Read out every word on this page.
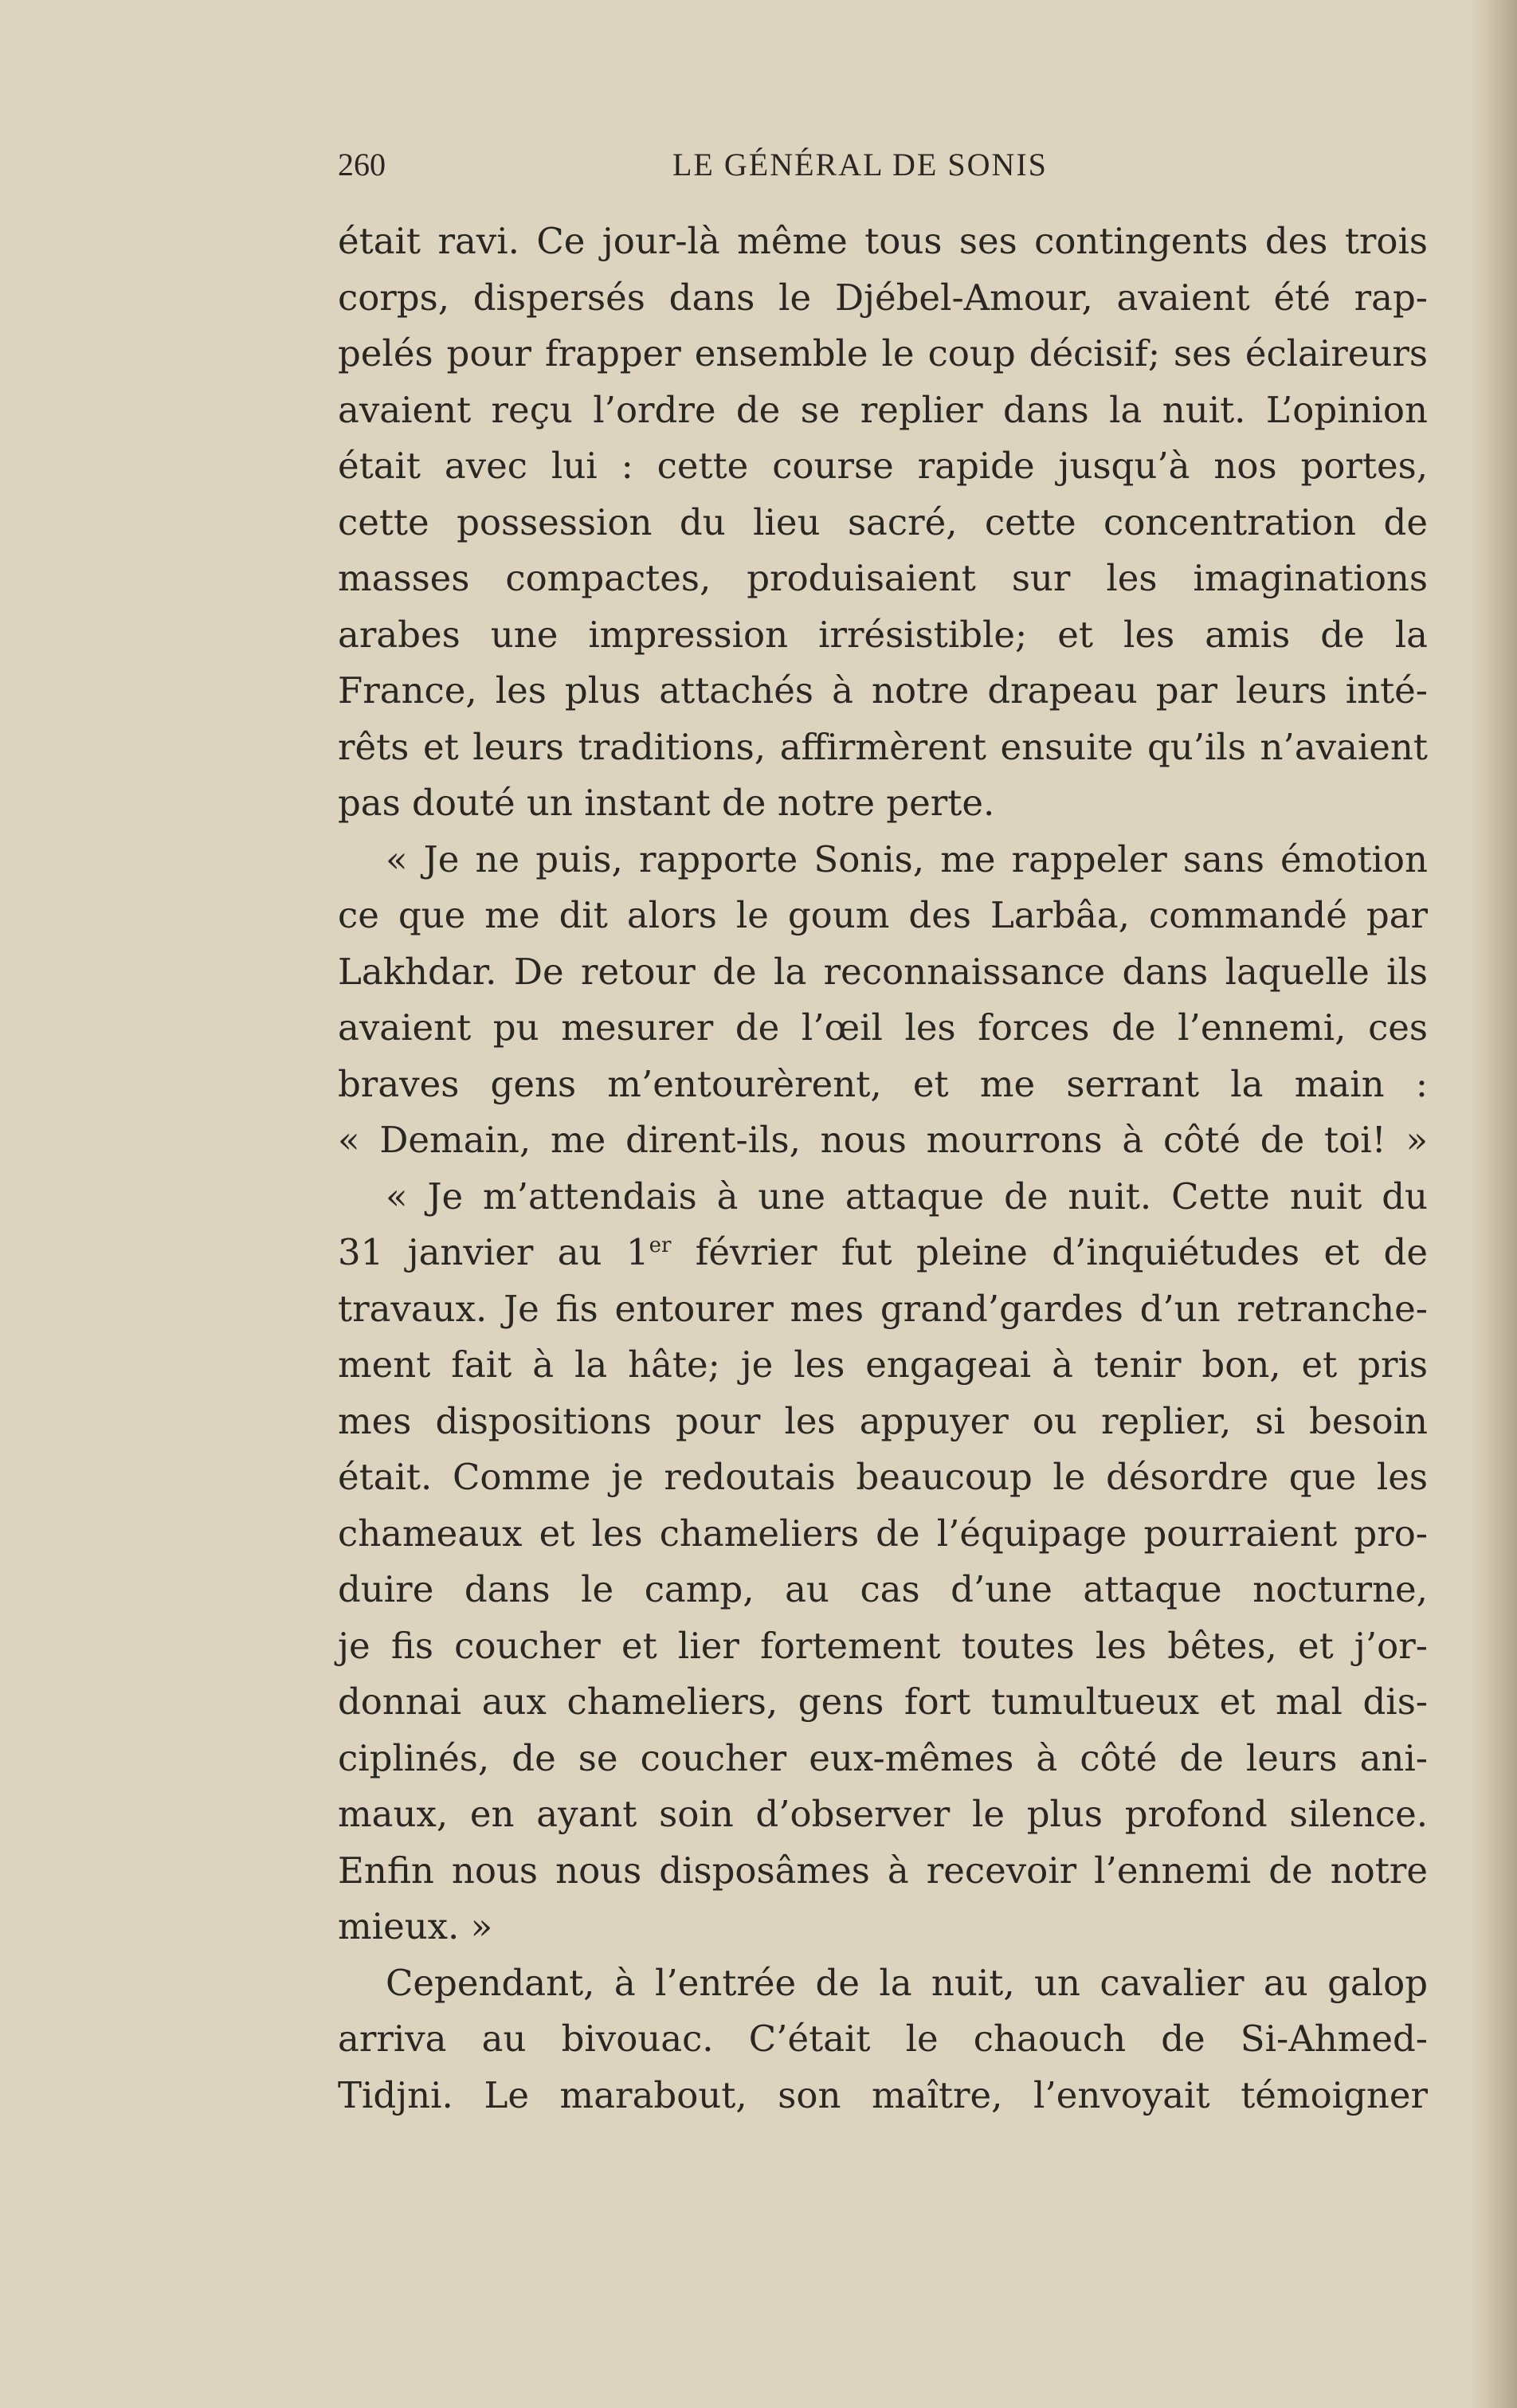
260	LE GÉNÉRAL DE SONIS
était ravi. Ce jour-là même tous ses contingents des trois
corps, dispersés dans le Djébel-Amour, avaient été rap-
pelés pour frapper ensemble le coup décisif; ses éclaireurs
avaient reçu l’ordre de se replier dans la nuit. L’opinion
était avec lui : cette course rapide jusqu’à nos portes,
cette possession du lieu sacré, cette concentration de
masses compactes, produisaient sur les imaginations
arabes une impression irrésistible; et les amis de la
France, les plus attachés à notre drapeau par leurs inté-
rêts et leurs traditions, affirmèrent ensuite qu’ils n’avaient
pas douté un instant de notre perte.
« Je ne puis, rapporte Sonis, me rappeler sans émotion
ce que me dit alors le goum des Larbâa, commandé par
Lakhdar. De retour de la reconnaissance dans laquelle ils
avaient pu mesurer de l’œil les forces de l’ennemi, ces
braves gens m’entourèrent, et me serrant la main :
« Demain, me dirent-ils, nous mourrons à côté de toi! »
« Je m’attendais à une attaque de nuit. Cette nuit du
31 janvier au 1er février fut pleine d’inquiétudes et de
travaux. Je fis entourer mes grand’gardes d’un retranche-
ment fait à la hâte; je les engageai à tenir bon, et pris
mes dispositions pour les appuyer ou replier, si besoin
était. Comme je redoutais beaucoup le désordre que les
chameaux et les chameliers de l’équipage pourraient pro-
duire dans le camp, au cas d’une attaque nocturne,
je fis coucher et lier fortement toutes les bêtes, et j’or-
donnai aux chameliers, gens fort tumultueux et mal dis-
ciplinés, de se coucher eux-mêmes à côté de leurs ani-
maux, en ayant soin d’observer le plus profond silence.
Enfin nous nous disposâmes à recevoir l’ennemi de notre
mieux. »
Cependant, à l’entrée de la nuit, un cavalier au galop
arriva au bivouac. C’était le chaouch de Si-Ahmed-
Tidjni. Le marabout, son maître, l’envoyait témoigner
